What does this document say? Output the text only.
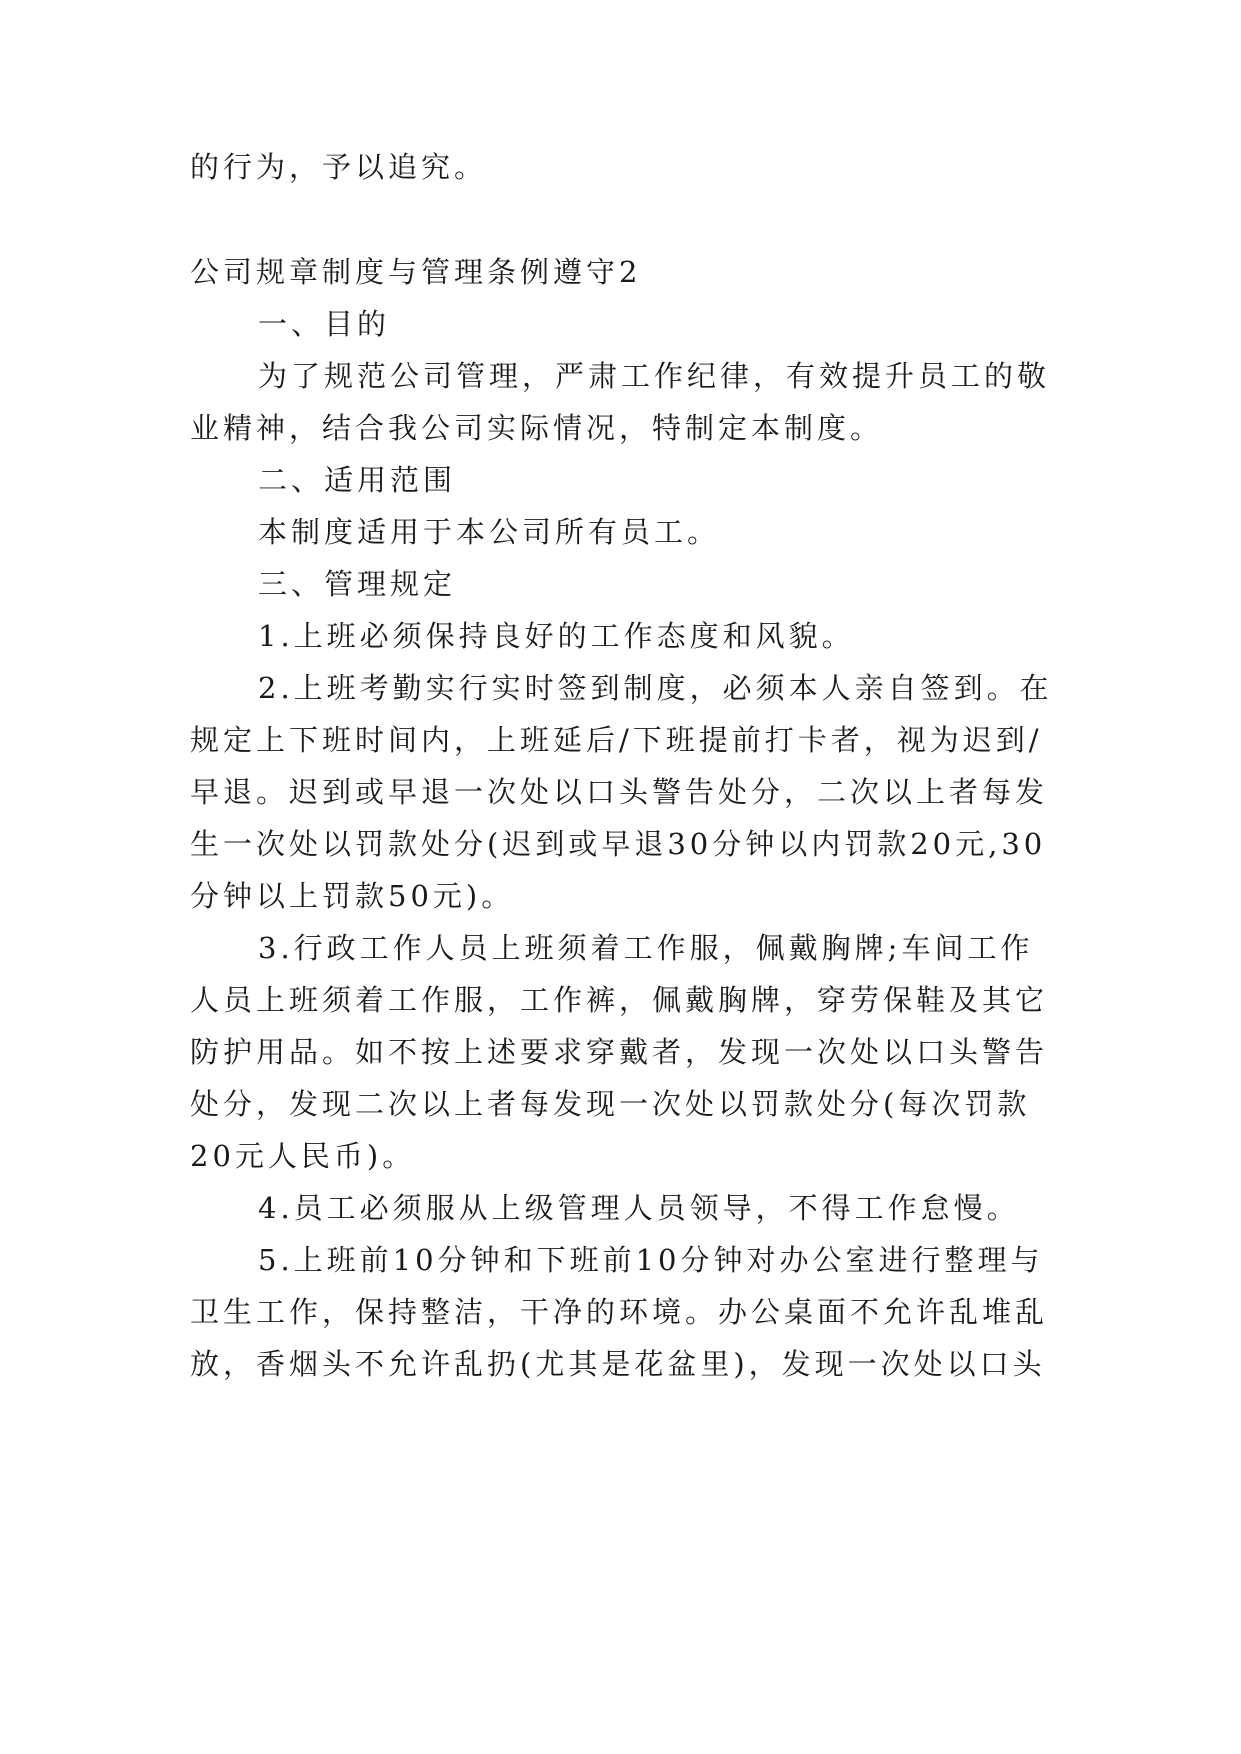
的行为，予以追究。
公司规章制度与管理条例遵守2
一、目的
为了规范公司管理，严肃工作纪律，有效提升员工的敬
业精神，结合我公司实际情况，特制定本制度。
二、适用范围
本制度适用于本公司所有员工。
三、管理规定
1.上班必须保持良好的工作态度和风貌。
2.上班考勤实行实时签到制度，必须本人亲自签到。在
规定上下班时间内，上班延后/下班提前打卡者，视为迟到/
早退。迟到或早退一次处以口头警告处分，二次以上者每发
生一次处以罚款处分(迟到或早退30分钟以内罚款20元,30
分钟以上罚款50元)。
3.行政工作人员上班须着工作服，佩戴胸牌;车间工作
人员上班须着工作服，工作裤，佩戴胸牌，穿劳保鞋及其它
防护用品。如不按上述要求穿戴者，发现一次处以口头警告
处分，发现二次以上者每发现一次处以罚款处分(每次罚款
20元人民币)。
4.员工必须服从上级管理人员领导，不得工作怠慢。
5.上班前10分钟和下班前10分钟对办公室进行整理与
卫生工作，保持整洁，干净的环境。办公桌面不允许乱堆乱
放，香烟头不允许乱扔(尤其是花盆里)，发现一次处以口头
